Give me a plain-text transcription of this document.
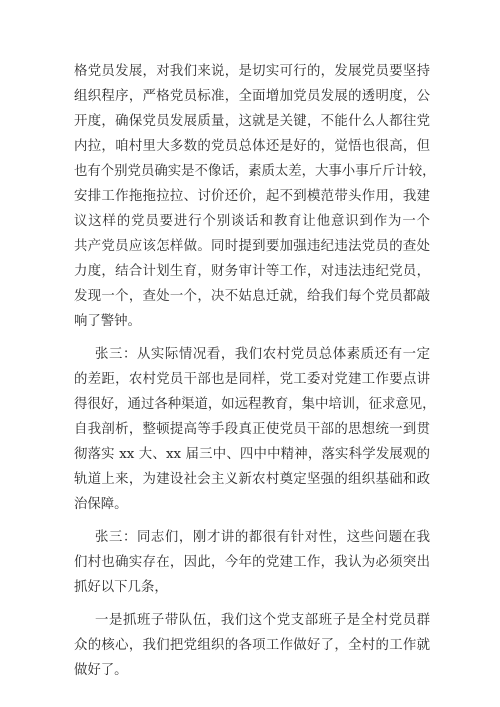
格党员发展，对我们来说，是切实可行的，发展党员要坚持
组织程序，严格党员标准，全面增加党员发展的透明度，公
开度，确保党员发展质量，这就是关键，不能什么人都往党
内拉，咱村里大多数的党员总体还是好的，觉悟也很高，但
也有个别党员确实是不像话，素质太差，大事小事斤斤计较，
安排工作拖拖拉拉、讨价还价，起不到模范带头作用，我建
议这样的党员要进行个别谈话和教育让他意识到作为一个
共产党员应该怎样做。同时提到要加强违纪违法党员的查处
力度，结合计划生育，财务审计等工作，对违法违纪党员，
发现一个，查处一个，决不姑息迁就，给我们每个党员都敲
响了警钟。
张三：从实际情况看，我们农村党员总体素质还有一定
的差距，农村党员干部也是同样，党工委对党建工作要点讲
得很好，通过各种渠道，如远程教育，集中培训，征求意见，
自我剖析，整顿提高等手段真正使党员干部的思想统一到贯
彻落实 xx 大、xx 届三中、四中中精神，落实科学发展观的
轨道上来，为建设社会主义新农村奠定坚强的组织基础和政
治保障。
张三：同志们，刚才讲的都很有针对性，这些问题在我
们村也确实存在，因此，今年的党建工作，我认为必须突出
抓好以下几条，
一是抓班子带队伍，我们这个党支部班子是全村党员群
众的核心，我们把党组织的各项工作做好了，全村的工作就
做好了。
